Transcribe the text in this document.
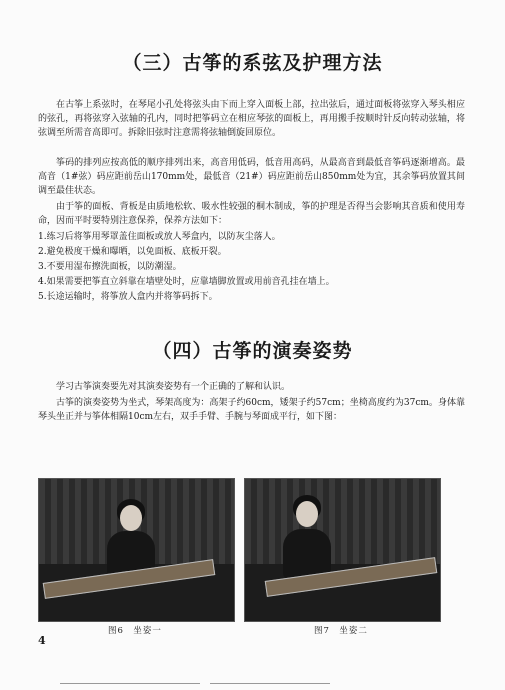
（三）古筝的系弦及护理方法

在古筝上系弦时，在琴尾小孔处将弦头由下而上穿入面板上部，拉出弦后，通过面板将弦穿入琴头相应的弦孔，再将弦穿入弦轴的孔内，同时把筝码立在相应琴弦的面板上，再用搬手按顺时针反向转动弦轴，将弦调至所需音高即可。拆除旧弦时注意需将弦轴倒旋回原位。

筝码的排列应按高低的顺序排列出来，高音用低码，低音用高码，从最高音到最低音筝码逐渐增高。最高音（1#弦）码应距前岳山170mm处，最低音（21#）码应距前岳山850mm处为宜，其余筝码放置其间调至最佳状态。

由于筝的面板、背板是由质地松软、吸水性较强的桐木制成，筝的护理是否得当会影响其音质和使用寿命，因而平时要特别注意保养，保养方法如下：

1.练习后将筝用琴罩盖住面板或放人琴盒内，以防灰尘落人。

2.避免极度干燥和曝晒，以免面板、底板开裂。

3.不要用湿布擦洗面板，以防潮湿。

4.如果需要把筝直立斜靠在墙壁处时，应靠墙脚放置或用前音孔挂在墙上。

5.长途运输时，将筝放人盒内并将筝码拆下。

（四）古筝的演奏姿势

学习古筝演奏要先对其演奏姿势有一个正确的了解和认识。

古筝的演奏姿势为坐式，琴架高度为：高架子约60cm，矮架子约57cm；坐椅高度约为37cm。身体靠琴头坐正并与筝体相隔10cm左右，双手手臂、手腕与琴面成平行，如下图：

图6　坐姿一	图7　坐姿二
4
